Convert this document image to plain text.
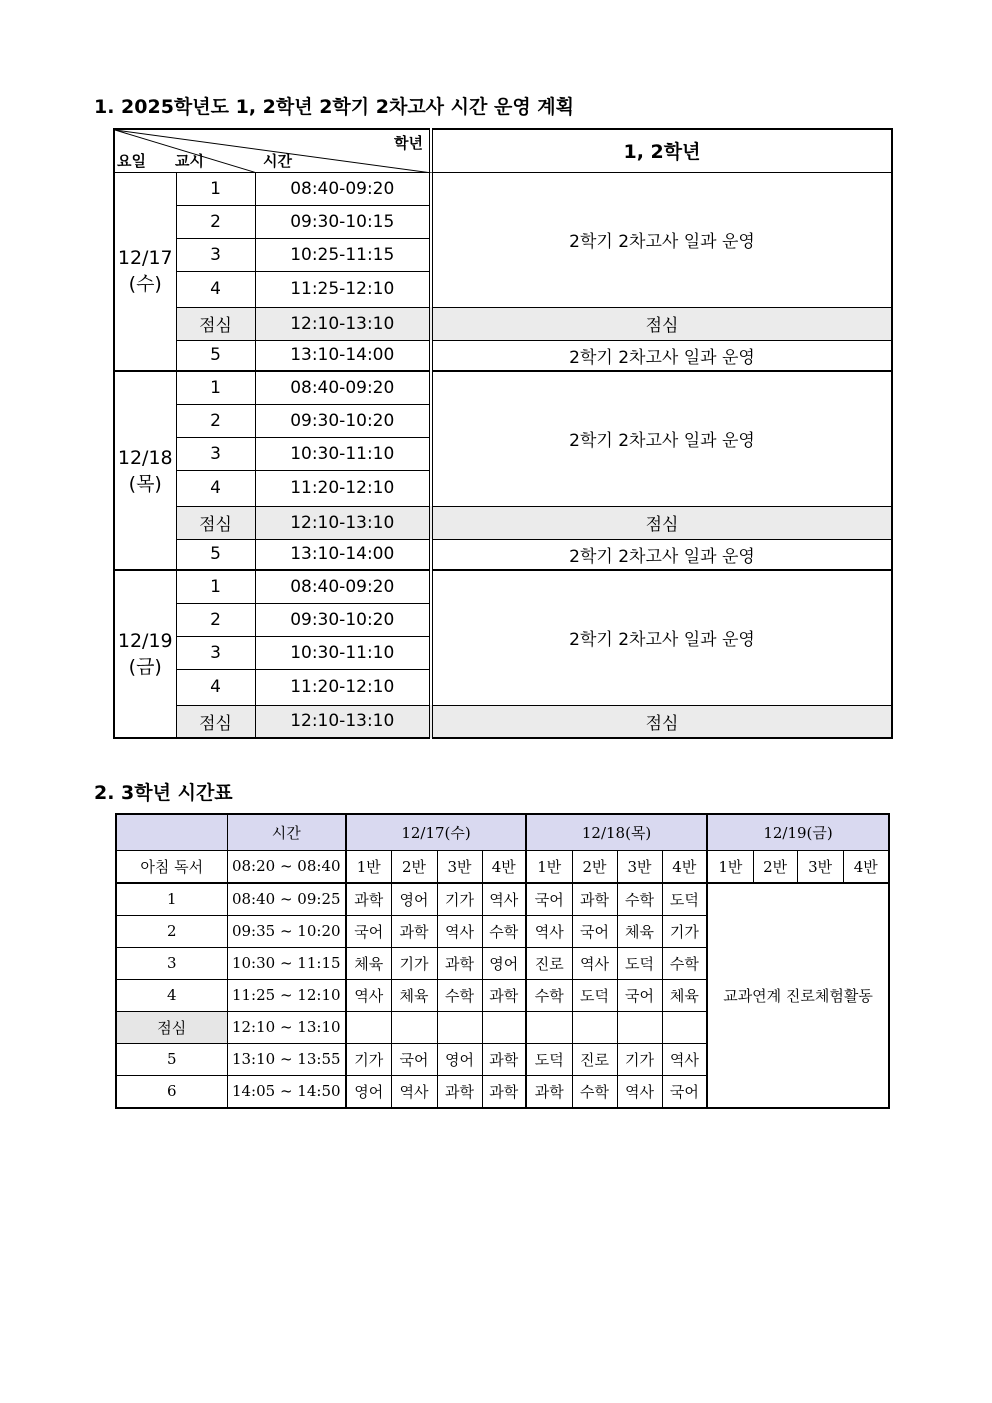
1. 2025학년도 1, 2학년 2학기 2차고사 시간 운영 계획
학년
요일 교시 시간			1, 2학년

12/17
(수)	1	08:40-09:20	2학기 2차고사 일과 운영
	2	09:30-10:15	
	3	10:25-11:15	
	4	11:25-12:10	
	점심	12:10-13:10	점심
	5	13:10-14:00	2학기 2차고사 일과 운영

12/18
(목)	1	08:40-09:20	2학기 2차고사 일과 운영
	2	09:30-10:20	
	3	10:30-11:10	
	4	11:20-12:10	
	점심	12:10-13:10	점심
	5	13:10-14:00	2학기 2차고사 일과 운영

12/19
(금)	1	08:40-09:20	2학기 2차고사 일과 운영
	2	09:30-10:20	
	3	10:30-11:10	
	4	11:20-12:10	
	점심	12:10-13:10	점심
2. 3학년 시간표
	시간	12/17(수)				12/18(목)				12/19(금)			
아침 독서	08:20 ~ 08:40	1반	2반	3반	4반	1반	2반	3반	4반	1반	2반	3반	4반
1	08:40 ~ 09:25	과학	영어	기가	역사	국어	과학	수학	도덕	교과연계 진로체험활동			
2	09:35 ~ 10:20	국어	과학	역사	수학	역사	국어	체육	기가				
3	10:30 ~ 11:15	체육	기가	과학	영어	진로	역사	도덕	수학				
4	11:25 ~ 12:10	역사	체육	수학	과학	수학	도덕	국어	체육				
점심	12:10 ~ 13:10												
5	13:10 ~ 13:55	기가	국어	영어	과학	도덕	진로	기가	역사				
6	14:05 ~ 14:50	영어	역사	과학	과학	과학	수학	역사	국어				
